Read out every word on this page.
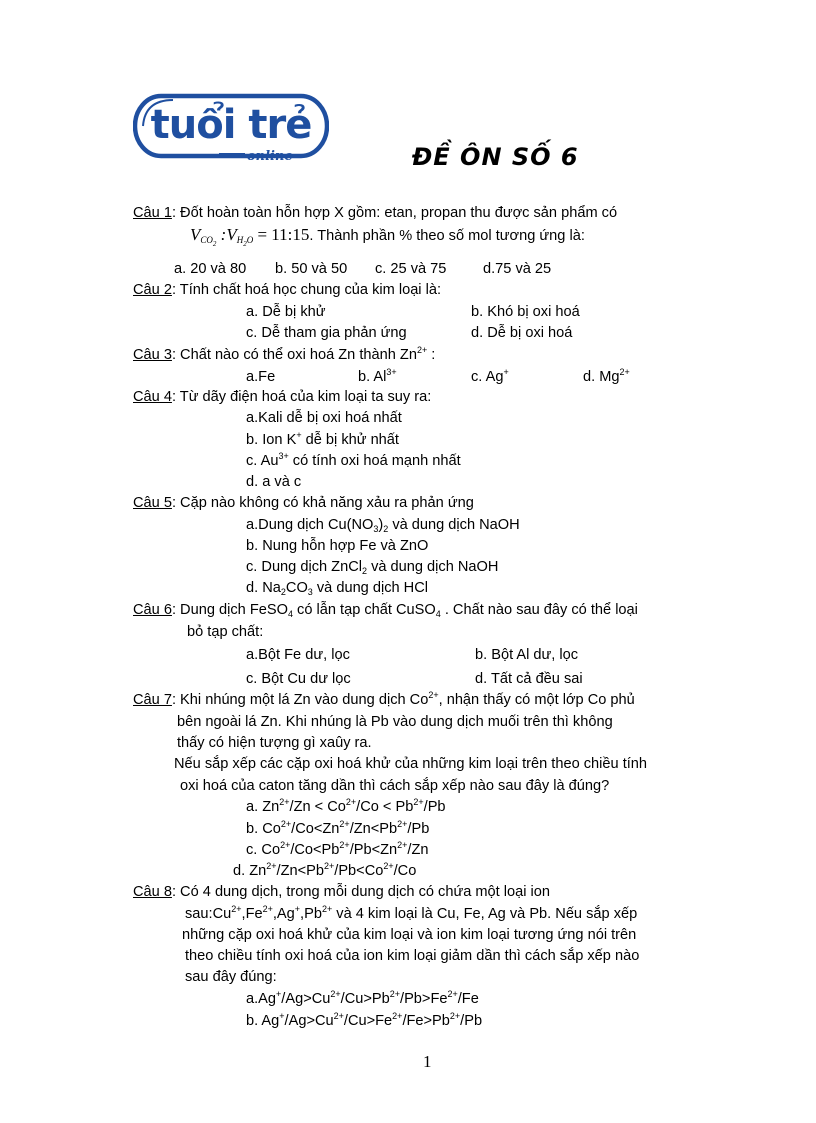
tuổi trẻ
online	ĐỀ ÔN SỐ 6
Câu 1: Đốt hoàn toàn hỗn hợp X gồm: etan, propan thu được sản phẩm có
$V_{CO_2}$ $:V_{H_2O}$ = 11:15. Thành phần % theo số mol tương ứng là:
a. 20 và 80 b. 50 và 50 c. 25 và 75	d.75 và 25
Câu 2: Tính chất hoá học chung của kim loại là:
a. Dễ bị khử	b. Khó bị oxi hoá
c. Dễ tham gia phản ứng	d. Dễ bị oxi hoá
Câu 3: Chất nào có thể oxi hoá Zn thành $Zn^{2+}$ :
a.Fe	b. $Al^{3+}$	c. Ag+	d. $Mg^{2+}$
Câu 4: Từ dãy điện hoá của kim loại ta suy ra:
a.Kali dễ bị oxi hoá nhất
b. Ion K+ dễ bị khử nhất
c. $Au^{3+}$ có tính oxi hoá mạnh nhất
d. a và c
Câu 5: Cặp nào không có khả năng xảu ra phản ứng
a.Dung dịch $Cu(NO_3)_2$ và dung dịch NaOH
b. Nung hỗn hợp Fe và ZnO
c. Dung dịch ZnCl$_2$ và dung dịch NaOH
d. $Na_2CO_3$ và dung dịch HCl
Câu 6: Dung dịch FeSO$_4$ có lẫn tạp chất CuSO$_4$ . Chất nào sau đây có thể loại
bỏ tạp chất:
a.Bột Fe dư, lọc	b. Bột Al dư, lọc
c. Bột Cu dư lọc	d. Tất cả đều sai
Câu 7: Khi nhúng một lá Zn vào dung dịch $Co^{2+}$, nhận thấy có một lớp Co phủ
bên ngoài lá Zn. Khi nhúng là Pb vào dung dịch muối trên thì không
thấy có hiện tượng gì xaûy ra.
Nếu sắp xếp các cặp oxi hoá khử của những kim loại trên theo chiều tính
oxi hoá của caton tăng dần thì cách sắp xếp nào sau đây là đúng?
a. $Zn^{2+}/Zn < Co^{2+}/Co < Pb^{2+}/Pb$
b. $Co^{2+}/Co<Zn^{2+}/Zn<Pb^{2+}/Pb$
c. $Co^{2+}/Co<Pb^{2+}/Pb<Zn^{2+}/Zn$
d. $Zn^{2+}/Zn<Pb^{2+}/Pb<Co^{2+}/Co$
Câu 8: Có 4 dung dịch, trong mỗi dung dịch có chứa một loại ion
$sau:Cu^{2+},Fe^{2+},Ag^+,Pb^{2+}$ và 4 kim loại là Cu, Fe, Ag và Pb. Nếu sắp xếp
những cặp oxi hoá khử của kim loại và ion kim loại tương ứng nói trên
theo chiều tính oxi hoá của ion kim loại giảm dần thì cách sắp xếp nào
sau đây đúng:
$a.Ag^+/Ag>Cu^{2+}/Cu>Pb^{2+}/Pb>Fe^{2+}/Fe$
b. $Ag^+/Ag>Cu^{2+}/Cu>Fe^{2+}/Fe>Pb^{2+}/Pb$
1
